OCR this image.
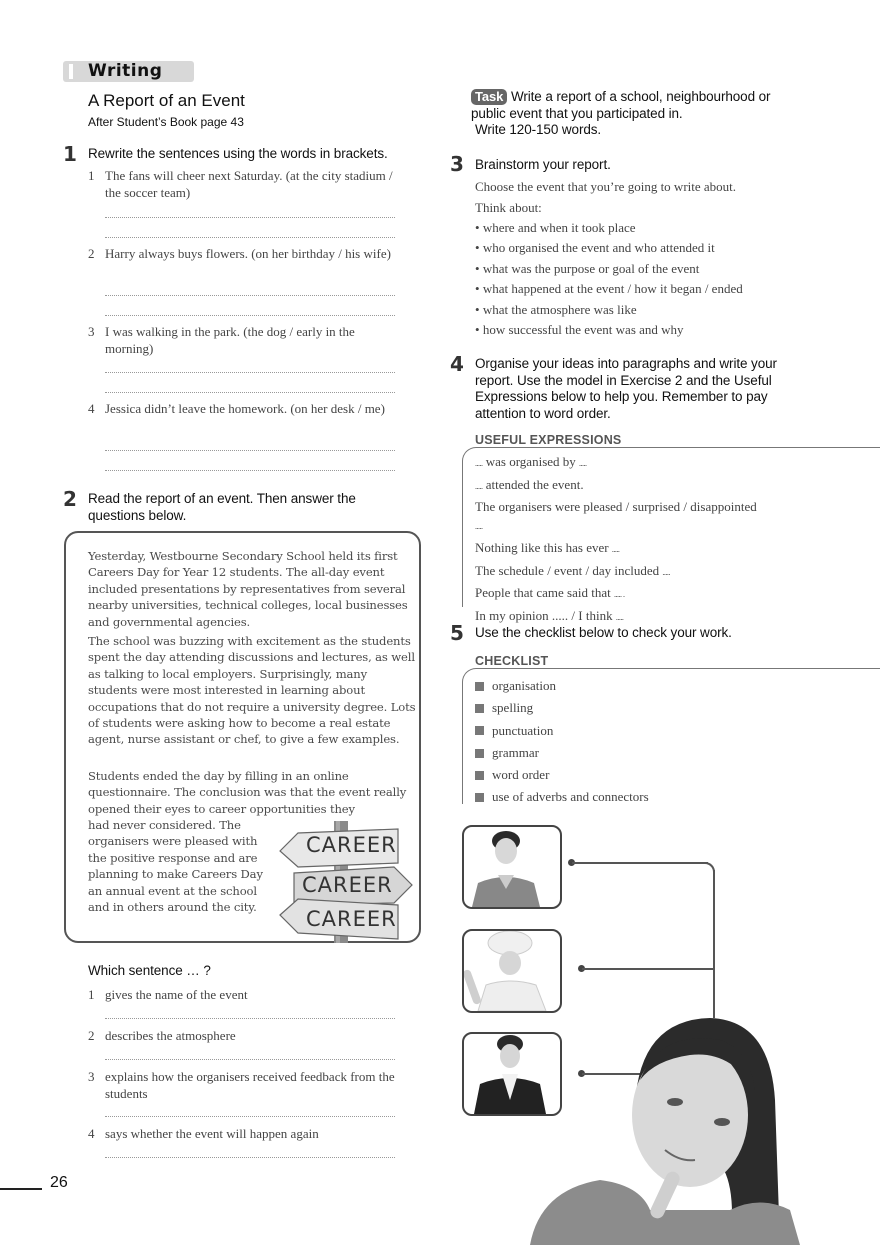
Writing
A Report of an Event
After Student’s Book page 43
1 Rewrite the sentences using the words in brackets.
1 The fans will cheer next Saturday. (at the city stadium / the soccer team)
2 Harry always buys flowers. (on her birthday / his wife)
3 I was walking in the park. (the dog / early in the morning)
4 Jessica didn’t leave the homework. (on her desk / me)
2 Read the report of an event. Then answer the questions below.

Yesterday, Westbourne Secondary School held its first Careers Day for Year 12 students. The all-day event included presentations by representatives from several nearby universities, technical colleges, local businesses and governmental agencies.

The school was buzzing with excitement as the students spent the day attending discussions and lectures, as well as talking to local employers. Surprisingly, many students were most interested in learning about occupations that do not require a university degree. Lots of students were asking how to become a real estate agent, nurse assistant or chef, to give a few examples.

Students ended the day by filling in an online questionnaire. The conclusion was that the event really opened their eyes to career opportunities they

had never considered. The organisers were pleased with the positive response and are planning to make Careers Day an annual event at the school and in others around the city.

CAREER
CAREER
CAREER
Which sentence … ?
1 gives the name of the event
2 describes the atmosphere
3 explains how the organisers received feedback from the students
4 says whether the event will happen again
26
Task Write a report of a school, neighbourhood or public event that you participated in.
Write 120-150 words.
3 Brainstorm your report.
Choose the event that you’re going to write about.
Think about:
• where and when it took place
• who organised the event and who attended it
• what was the purpose or goal of the event
• what happened at the event / how it began / ended
• what the atmosphere was like
• how successful the event was and why
4 Organise your ideas into paragraphs and write your report. Use the model in Exercise 2 and the Useful Expressions below to help you. Remember to pay attention to word order.
USEFUL EXPRESSIONS
..... was organised by .....
..... attended the event.
The organisers were pleased / surprised / disappointed .....
Nothing like this has ever .....
The schedule / event / day included .....
People that came said that ..... .
In my opinion ..... / I think .....
5 Use the checklist below to check your work.
CHECKLIST
organisation
spelling
punctuation
grammar
word order
use of adverbs and connectors
